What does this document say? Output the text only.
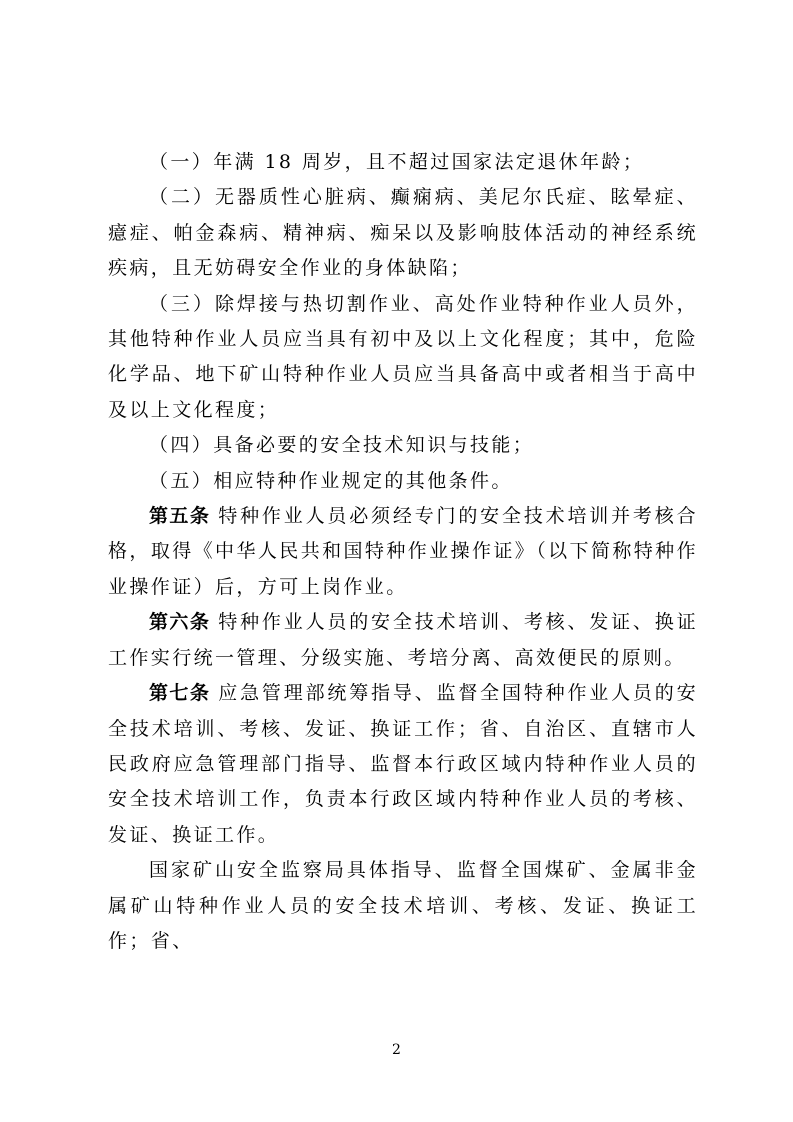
（一）年满 18 周岁，且不超过国家法定退休年龄；

（二）无器质性心脏病、癫痫病、美尼尔氏症、眩晕症、癔症、帕金森病、精神病、痴呆以及影响肢体活动的神经系统疾病，且无妨碍安全作业的身体缺陷；

（三）除焊接与热切割作业、高处作业特种作业人员外，其他特种作业人员应当具有初中及以上文化程度；其中，危险化学品、地下矿山特种作业人员应当具备高中或者相当于高中及以上文化程度；

（四）具备必要的安全技术知识与技能；

（五）相应特种作业规定的其他条件。

第五条 特种作业人员必须经专门的安全技术培训并考核合格，取得《中华人民共和国特种作业操作证》（以下简称特种作业操作证）后，方可上岗作业。

第六条 特种作业人员的安全技术培训、考核、发证、换证工作实行统一管理、分级实施、考培分离、高效便民的原则。

第七条 应急管理部统筹指导、监督全国特种作业人员的安全技术培训、考核、发证、换证工作；省、自治区、直辖市人民政府应急管理部门指导、监督本行政区域内特种作业人员的安全技术培训工作，负责本行政区域内特种作业人员的考核、发证、换证工作。

国家矿山安全监察局具体指导、监督全国煤矿、金属非金属矿山特种作业人员的安全技术培训、考核、发证、换证工作；省、

2
